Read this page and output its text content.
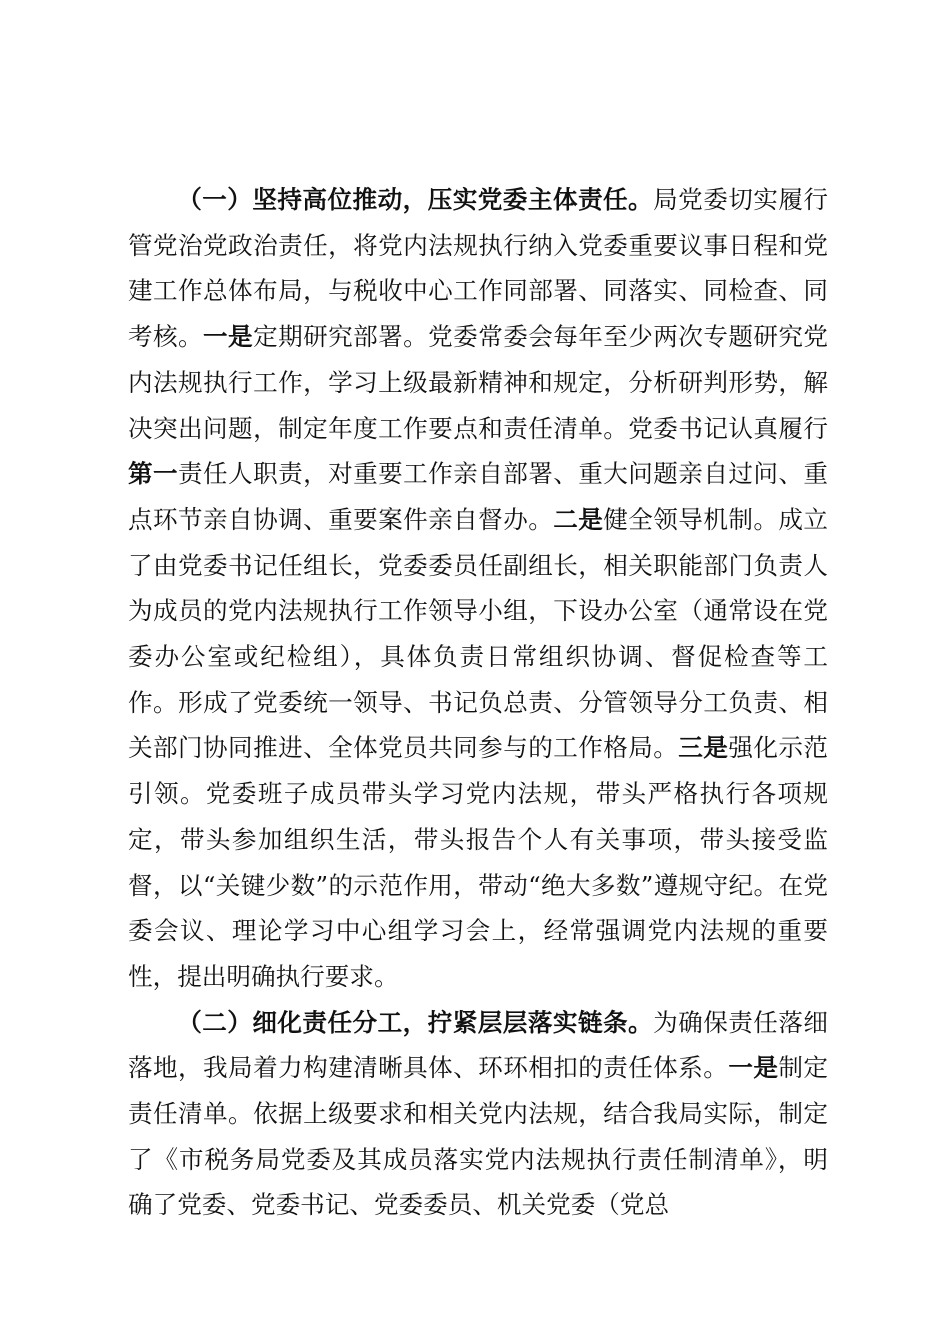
（一）坚持高位推动，压实党委主体责任。局党委切实履行管党治党政治责任，将党内法规执行纳入党委重要议事日程和党建工作总体布局，与税收中心工作同部署、同落实、同检查、同考核。一是定期研究部署。党委常委会每年至少两次专题研究党内法规执行工作，学习上级最新精神和规定，分析研判形势，解决突出问题，制定年度工作要点和责任清单。党委书记认真履行第一责任人职责，对重要工作亲自部署、重大问题亲自过问、重点环节亲自协调、重要案件亲自督办。二是健全领导机制。成立了由党委书记任组长，党委委员任副组长，相关职能部门负责人为成员的党内法规执行工作领导小组，下设办公室（通常设在党委办公室或纪检组），具体负责日常组织协调、督促检查等工作。形成了党委统一领导、书记负总责、分管领导分工负责、相关部门协同推进、全体党员共同参与的工作格局。三是强化示范引领。党委班子成员带头学习党内法规，带头严格执行各项规定，带头参加组织生活，带头报告个人有关事项，带头接受监督，以“关键少数”的示范作用，带动“绝大多数”遵规守纪。在党委会议、理论学习中心组学习会上，经常强调党内法规的重要性，提出明确执行要求。

（二）细化责任分工，拧紧层层落实链条。为确保责任落细落地，我局着力构建清晰具体、环环相扣的责任体系。一是制定责任清单。依据上级要求和相关党内法规，结合我局实际，制定了《市税务局党委及其成员落实党内法规执行责任制清单》，明确了党委、党委书记、党委委员、机关党委（党总
